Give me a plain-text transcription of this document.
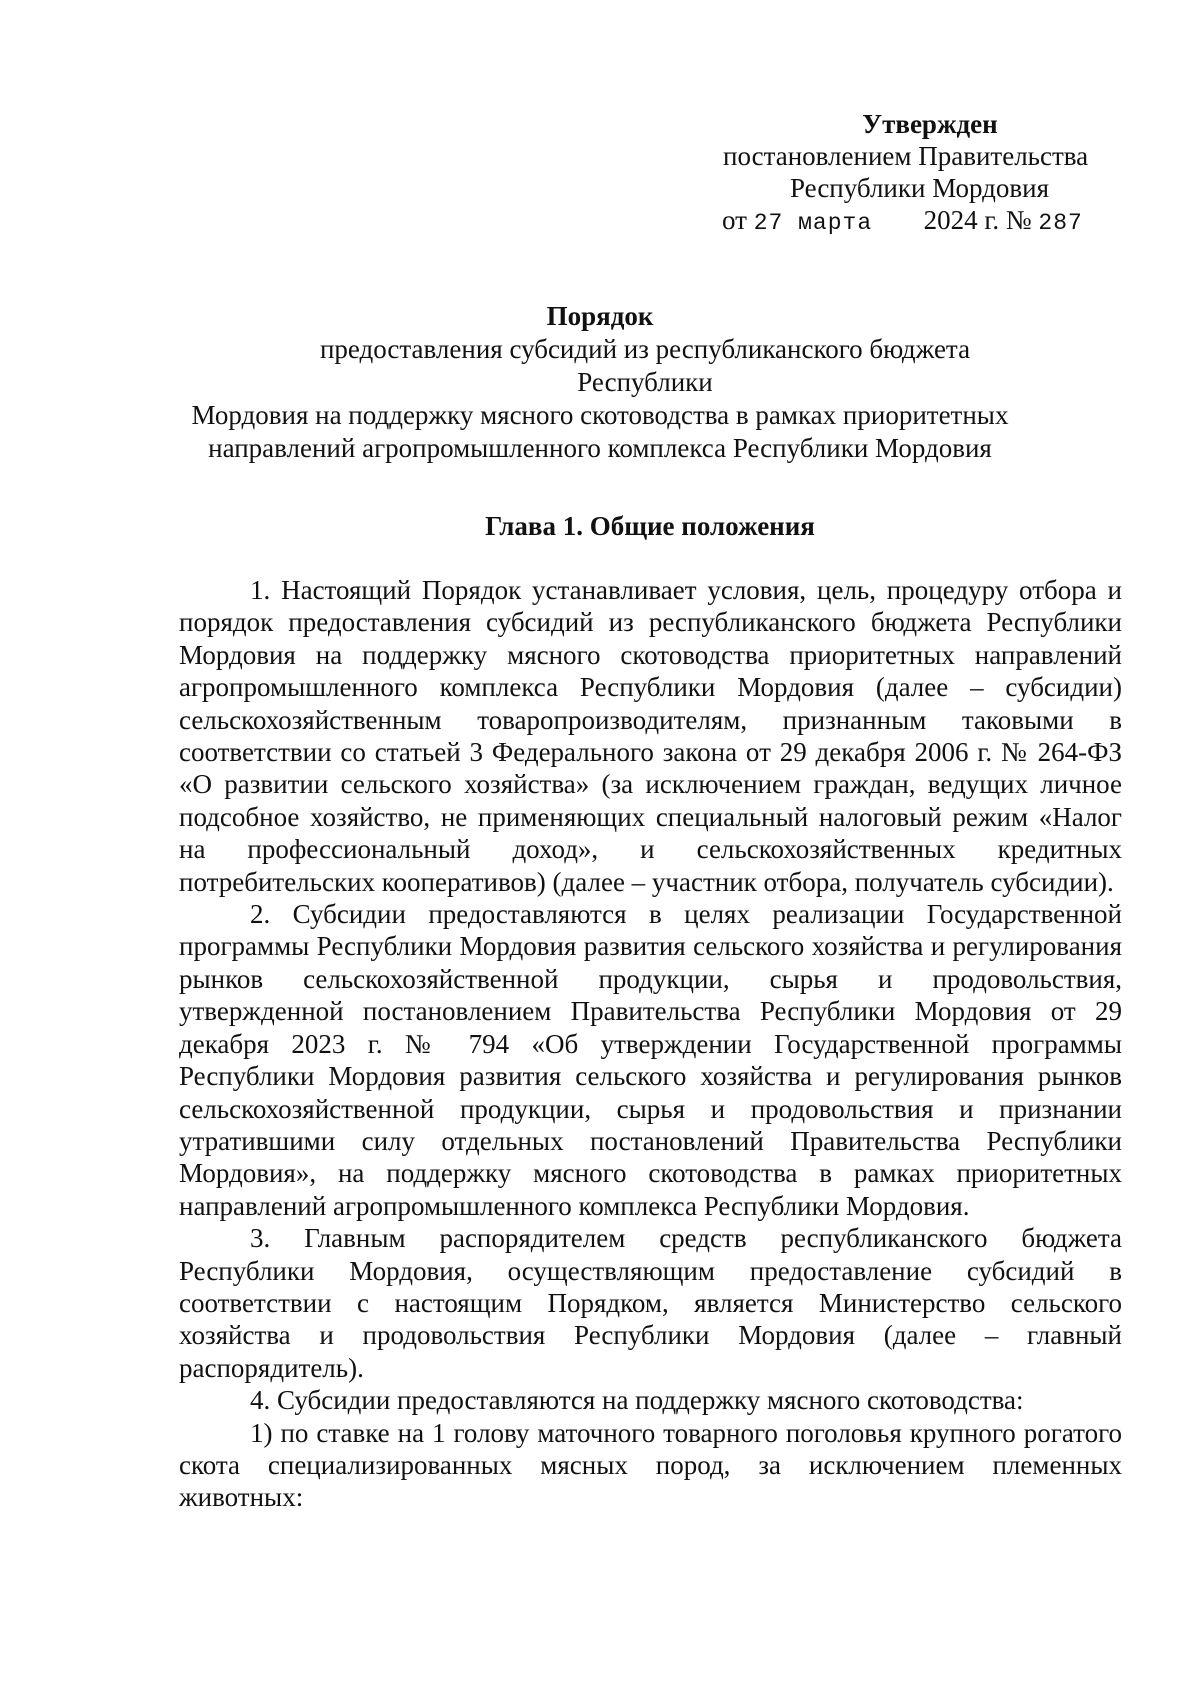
Утвержден
постановлением Правительства
Республики Мордовия
от 27 марта 2024 г. № 287
Порядок
предоставления субсидий из республиканского бюджета Республики
Мордовия на поддержку мясного скотоводства в рамках приоритетных
направлений агропромышленного комплекса Республики Мордовия
Глава 1. Общие положения

1. Настоящий Порядок устанавливает условия, цель, процедуру отбора и порядок предоставления субсидий из республиканского бюджета Республики Мордовия на поддержку мясного скотоводства приоритетных направлений агропромышленного комплекса Республики Мордовия (далее – субсидии) сельскохозяйственным товаропроизводителям, признанным таковыми в соответствии со статьей 3 Федерального закона от 29 декабря 2006 г. № 264-ФЗ «О развитии сельского хозяйства» (за исключением граждан, ведущих личное подсобное хозяйство, не применяющих специальный налоговый режим «Налог на профессиональный доход», и сельскохозяйственных кредитных потребительских кооперативов) (далее – участник отбора, получатель субсидии).

2. Субсидии предоставляются в целях реализации Государственной программы Республики Мордовия развития сельского хозяйства и регулирования рынков сельскохозяйственной продукции, сырья и продовольствия, утвержденной постановлением Правительства Республики Мордовия от 29 декабря 2023 г. № 794 «Об утверждении Государственной программы Республики Мордовия развития сельского хозяйства и регулирования рынков сельскохозяйственной продукции, сырья и продовольствия и признании утратившими силу отдельных постановлений Правительства Республики Мордовия», на поддержку мясного скотоводства в рамках приоритетных направлений агропромышленного комплекса Республики Мордовия.

3. Главным распорядителем средств республиканского бюджета Республики Мордовия, осуществляющим предоставление субсидий в соответствии с настоящим Порядком, является Министерство сельского хозяйства и продовольствия Республики Мордовия (далее – главный распорядитель).

4. Субсидии предоставляются на поддержку мясного скотоводства:

1) по ставке на 1 голову маточного товарного поголовья крупного рогатого скота специализированных мясных пород, за исключением племенных животных:
